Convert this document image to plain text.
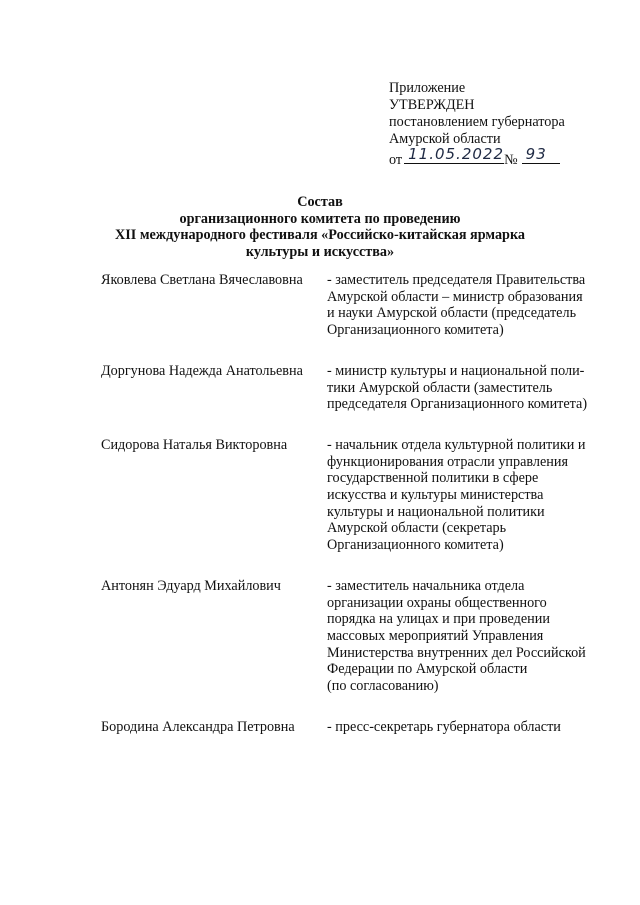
Приложение
УТВЕРЖДЕН
постановлением губернатора
Амурской области
от 11.05.2022 № 93
Состав
организационного комитета по проведению
XII международного фестиваля «Российско-китайская ярмарка
культуры и искусства»
Яковлева Светлана Вячеславовна	- заместитель председателя Правительства
Амурской области – министр образования
и науки Амурской области (председатель
Организационного комитета)
Доргунова Надежда Анатольевна	- министр культуры и национальной поли-
тики Амурской области (заместитель
председателя Организационного комитета)
Сидорова Наталья Викторовна	- начальник отдела культурной политики и
функционирования отрасли управления
государственной политики в сфере
искусства и культуры министерства
культуры и национальной политики
Амурской области (секретарь
Организационного комитета)
Антонян Эдуард Михайлович	- заместитель начальника отдела
организации охраны общественного
порядка на улицах и при проведении
массовых мероприятий Управления
Министерства внутренних дел Российской
Федерации по Амурской области
(по согласованию)
Бородина Александра Петровна	- пресс-секретарь губернатора области
